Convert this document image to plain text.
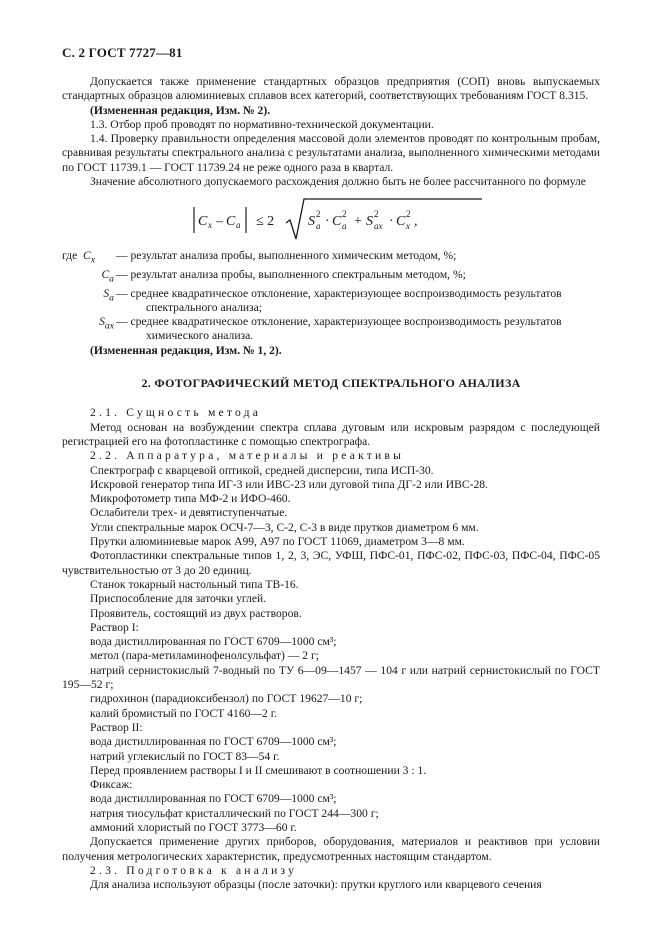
С. 2 ГОСТ 7727—81

Допускается также применение стандартных образцов предприятия (СОП) вновь выпускаемых стандартных образцов алюминиевых сплавов всех категорий, соответствующих требованиям ГОСТ 8.315.

(Измененная редакция, Изм. № 2).

1.3. Отбор проб проводят по нормативно-технической документации.

1.4. Проверку правильности определения массовой доли элементов проводят по контрольным пробам, сравнивая результаты спектрального анализа с результатами анализа, выполненного химическими методами по ГОСТ 11739.1 — ГОСТ 11739.24 не реже одного раза в квартал.

Значение абсолютного допускаемого расхождения должно быть не более рассчитанного по формуле

C x – C a ≤ 2 S 2
a · C 2
a + S 2
ax · C 2
x ,
где $C_x$	— результат анализа пробы, выполненного химическим методом, %;
$C_a$ — результат анализа пробы, выполненного спектральным методом, %;
$S_a$ — среднее квадратическое отклонение, характеризующее воспроизводимость результатов
спектрального анализа;
$S_{ax}$ — среднее квадратическое отклонение, характеризующее воспроизводимость результатов
химического анализа.

(Измененная редакция, Изм. № 1, 2).

2. ФОТОГРАФИЧЕСКИЙ МЕТОД СПЕКТРАЛЬНОГО АНАЛИЗА

2.1. Сущность метода

Метод основан на возбуждении спектра сплава дуговым или искровым разрядом с последующей регистрацией его на фотопластинке с помощью спектрографа.

2.2. Аппаратура, материалы и реактивы

Спектрограф с кварцевой оптикой, средней дисперсии, типа ИСП-30.

Искровой генератор типа ИГ-3 или ИВС-23 или дуговой типа ДГ-2 или ИВС-28.

Микрофотометр типа МФ-2 и ИФО-460.

Ослабители трех- и девятиступенчатые.

Угли спектральные марок ОСЧ-7—3, С-2, С-3 в виде прутков диаметром 6 мм.

Прутки алюминиевые марок А99, А97 по ГОСТ 11069, диаметром 3—8 мм.

Фотопластинки спектральные типов 1, 2, 3, ЭС, УФШ, ПФС-01, ПФС-02, ПФС-03, ПФС-04, ПФС-05 чувствительностью от 3 до 20 единиц.

Станок токарный настольный типа ТВ-16.

Приспособление для заточки углей.

Проявитель, состоящий из двух растворов.

Раствор I:

вода дистиллированная по ГОСТ 6709—1000 см³;

метол (пара-метиламинофенолсульфат) — 2 г;

натрий сернистокислый 7-водный по ТУ 6—09—1457 — 104 г или натрий сернистокислый по ГОСТ 195—52 г;

гидрохинон (парадиоксибензол) по ГОСТ 19627—10 г;

калий бромистый по ГОСТ 4160—2 г.

Раствор II:

вода дистиллированная по ГОСТ 6709—1000 см³;

натрий углекислый по ГОСТ 83—54 г.

Перед проявлением растворы I и II смешивают в соотношении 3 : 1.

Фиксаж:

вода дистиллированная по ГОСТ 6709—1000 см³;

натрия тиосульфат кристаллический по ГОСТ 244—300 г;

аммоний хлористый по ГОСТ 3773—60 г.

Допускается применение других приборов, оборудования, материалов и реактивов при условии получения метрологических характеристик, предусмотренных настоящим стандартом.

2.3. Подготовка к анализу

Для анализа используют образцы (после заточки): прутки круглого или кварцевого сечения
